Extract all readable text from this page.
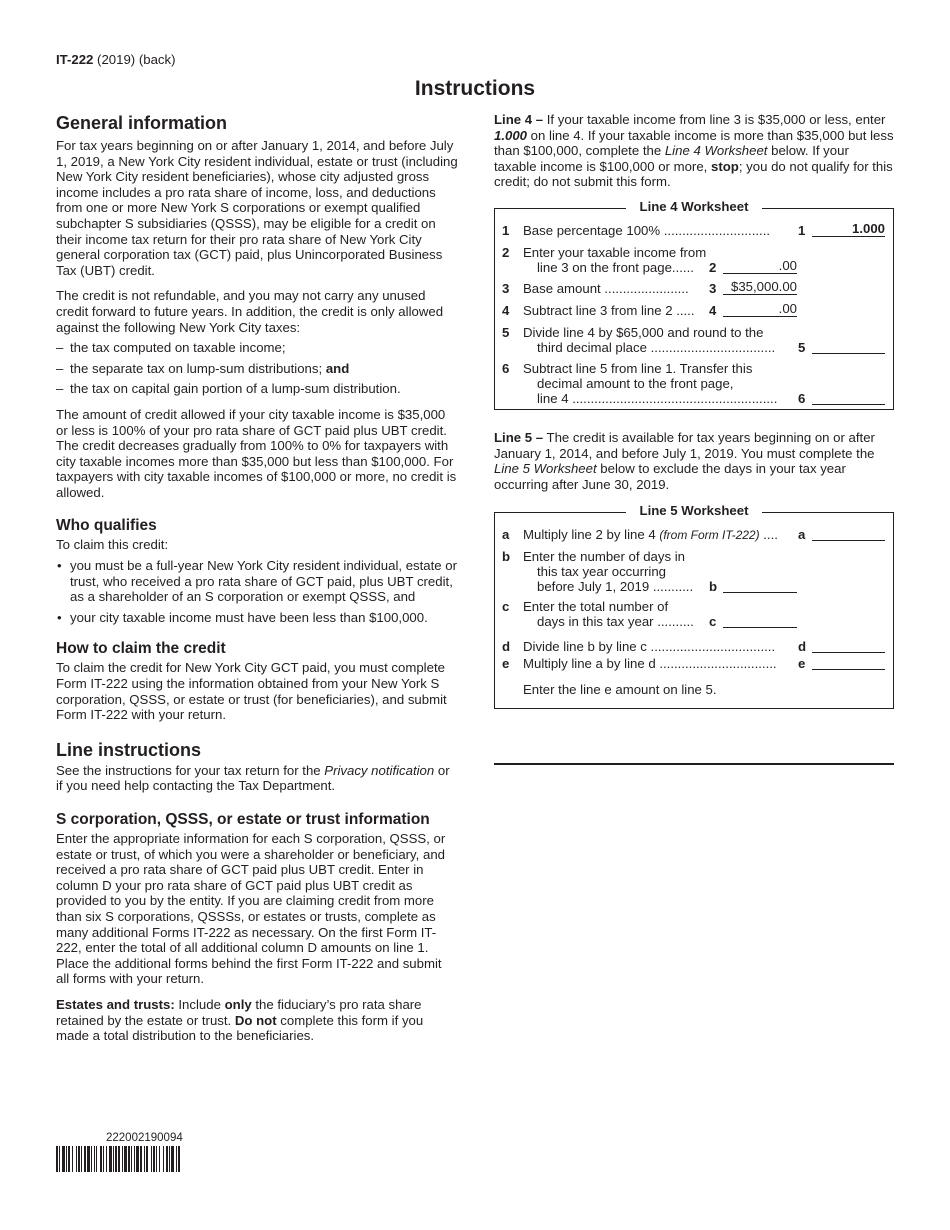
IT-222 (2019) (back)
Instructions
General information

For tax years beginning on or after January 1, 2014, and before July 1, 2019, a New York City resident individual, estate or trust (including New York City resident beneficiaries), whose city adjusted gross income includes a pro rata share of income, loss, and deductions from one or more New York S corporations or exempt qualified subchapter S subsidiaries (QSSS), may be eligible for a credit on their income tax return for their pro rata share of New York City general corporation tax (GCT) paid, plus Unincorporated Business Tax (UBT) credit.

The credit is not refundable, and you may not carry any unused credit forward to future years. In addition, the credit is only allowed against the following New York City taxes:

– the tax computed on taxable income;
– the separate tax on lump-sum distributions; and
– the tax on capital gain portion of a lump-sum distribution.

The amount of credit allowed if your city taxable income is $35,000 or less is 100% of your pro rata share of GCT paid plus UBT credit. The credit decreases gradually from 100% to 0% for taxpayers with city taxable incomes more than $35,000 but less than $100,000. For taxpayers with city taxable incomes of $100,000 or more, no credit is allowed.

Who qualifies

To claim this credit:

• you must be a full-year New York City resident individual, estate or trust, who received a pro rata share of GCT paid, plus UBT credit, as a shareholder of an S corporation or exempt QSSS, and
• your city taxable income must have been less than $100,000.
How to claim the credit

To claim the credit for New York City GCT paid, you must complete Form IT-222 using the information obtained from your New York S corporation, QSSS, or estate or trust (for beneficiaries), and submit Form IT-222 with your return.

Line instructions

See the instructions for your tax return for the Privacy notification or if you need help contacting the Tax Department.

S corporation, QSSS, or estate or trust information

Enter the appropriate information for each S corporation, QSSS, or estate or trust, of which you were a shareholder or beneficiary, and received a pro rata share of GCT paid plus UBT credit. Enter in column D your pro rata share of GCT paid plus UBT credit as provided to you by the entity. If you are claiming credit from more than six S corporations, QSSSs, or estates or trusts, complete as many additional Forms IT-222 as necessary. On the first Form IT-222, enter the total of all additional column D amounts on line 1. Place the additional forms behind the first Form IT-222 and submit all forms with your return.

Estates and trusts: Include only the fiduciary’s pro rata share retained by the estate or trust. Do not complete this form if you made a total distribution to the beneficiaries.

Line 4 – If your taxable income from line 3 is $35,000 or less, enter 1.000 on line 4. If your taxable income is more than $35,000 but less than $100,000, complete the Line 4 Worksheet below. If your taxable income is $100,000 or more, stop; you do not qualify for this credit; do not submit this form.

Line 4 Worksheet
1 Base percentage 100% ............................. 1	1.000
2 Enter your taxable income from
line 3 on the front page...... 2	.00
3 Base amount ....................... 3	$35,000.00
4 Subtract line 3 from line 2 ..... 4	.00
5 Divide line 4 by $65,000 and round to the
third decimal place .................................. 5
6 Subtract line 5 from line 1. Transfer this
decimal amount to the front page,
line 4 ........................................................ 6

Line 5 – The credit is available for tax years beginning on or after January 1, 2014, and before July 1, 2019. You must complete the Line 5 Worksheet below to exclude the days in your tax year occurring after June 30, 2019.

Line 5 Worksheet
a Multiply line 2 by line 4 (from Form IT-222) .... a
b Enter the number of days in
this tax year occurring
before July 1, 2019 ........... b
c Enter the total number of
days in this tax year .......... c
d Divide line b by line c .................................. d
e Multiply line a by line d ................................ e
Enter the line e amount on line 5.
222002190094
